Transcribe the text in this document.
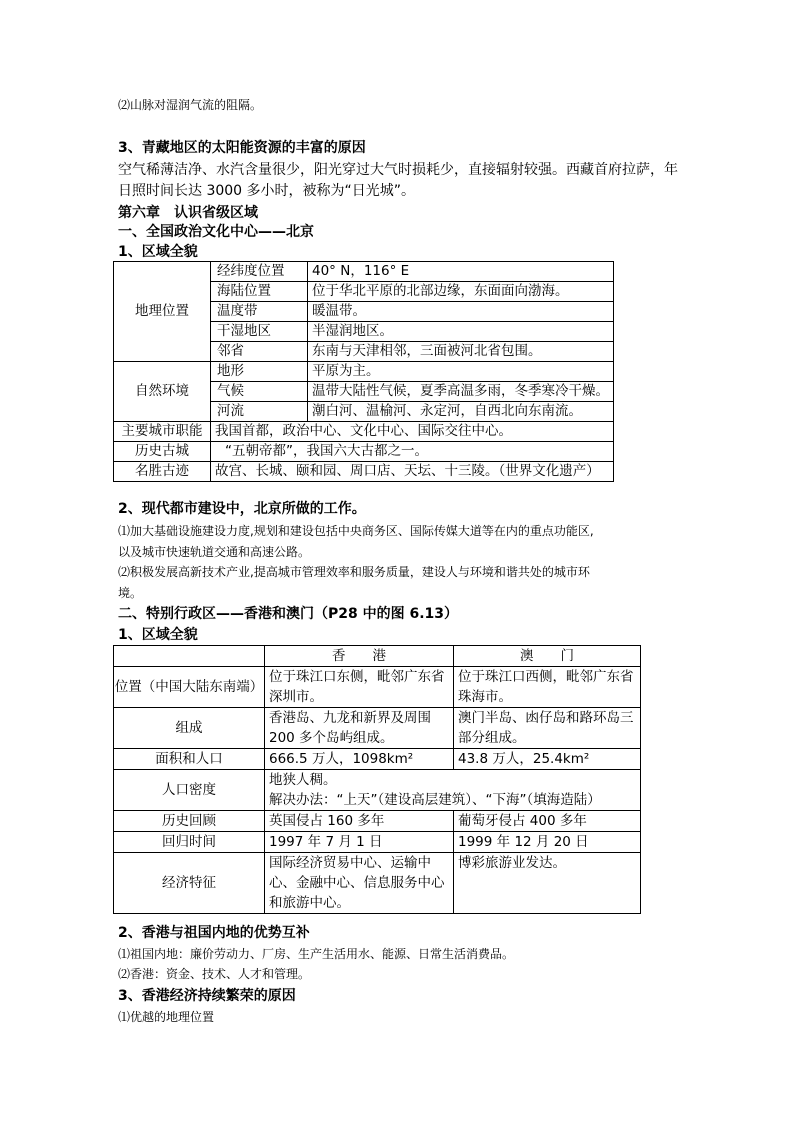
⑵山脉对湿润气流的阻隔。
3、青藏地区的太阳能资源的丰富的原因
空气稀薄洁净、水汽含量很少，阳光穿过大气时损耗少，直接辐射较强。西藏首府拉萨，年
日照时间长达 3000 多小时，被称为“日光城”。
第六章　认识省级区域
一、全国政治文化中心——北京
1、区域全貌
地理位置	经纬度位置	40° N，116° E
	海陆位置	位于华北平原的北部边缘，东面面向渤海。
	温度带	暖温带。
	干湿地区	半湿润地区。
	邻省	东南与天津相邻，三面被河北省包围。
自然环境	地形	平原为主。
	气候	温带大陆性气候，夏季高温多雨，冬季寒冷干燥。
	河流	潮白河、温榆河、永定河，自西北向东南流。
主要城市职能	我国首都，政治中心、文化中心、国际交往中心。	
历史古城	“五朝帝都”，我国六大古都之一。	
名胜古迹	故宫、长城、颐和园、周口店、天坛、十三陵。（世界文化遗产）	
2、现代都市建设中，北京所做的工作。
⑴加大基础设施建设力度,规划和建设包括中央商务区、国际传媒大道等在内的重点功能区,
以及城市快速轨道交通和高速公路。
⑵积极发展高新技术产业,提高城市管理效率和服务质量，建设人与环境和谐共处的城市环
境。
二、特别行政区——香港和澳门（P28 中的图 6.13）
1、区域全貌
	香　　港	澳　　门
位置（中国大陆东南端）	位于珠江口东侧，毗邻广东省深圳市。	位于珠江口西侧，毗邻广东省珠海市。
组成	香港岛、九龙和新界及周围 200 多个岛屿组成。	澳门半岛、凼仔岛和路环岛三部分组成。
面积和人口	666.5 万人，1098km²	43.8 万人，25.4km²
人口密度	地狭人稠。
解决办法：“上天”（建设高层建筑）、“下海”（填海造陆）	

历史回顾	英国侵占 160 多年	葡萄牙侵占 400 多年
回归时间	1997 年 7 月 1 日	1999 年 12 月 20 日
经济特征	国际经济贸易中心、运输中心、金融中心、信息服务中心和旅游中心。	博彩旅游业发达。
2、香港与祖国内地的优势互补
⑴祖国内地：廉价劳动力、厂房、生产生活用水、能源、日常生活消费品。
⑵香港：资金、技术、人才和管理。
3、香港经济持续繁荣的原因
⑴优越的地理位置
